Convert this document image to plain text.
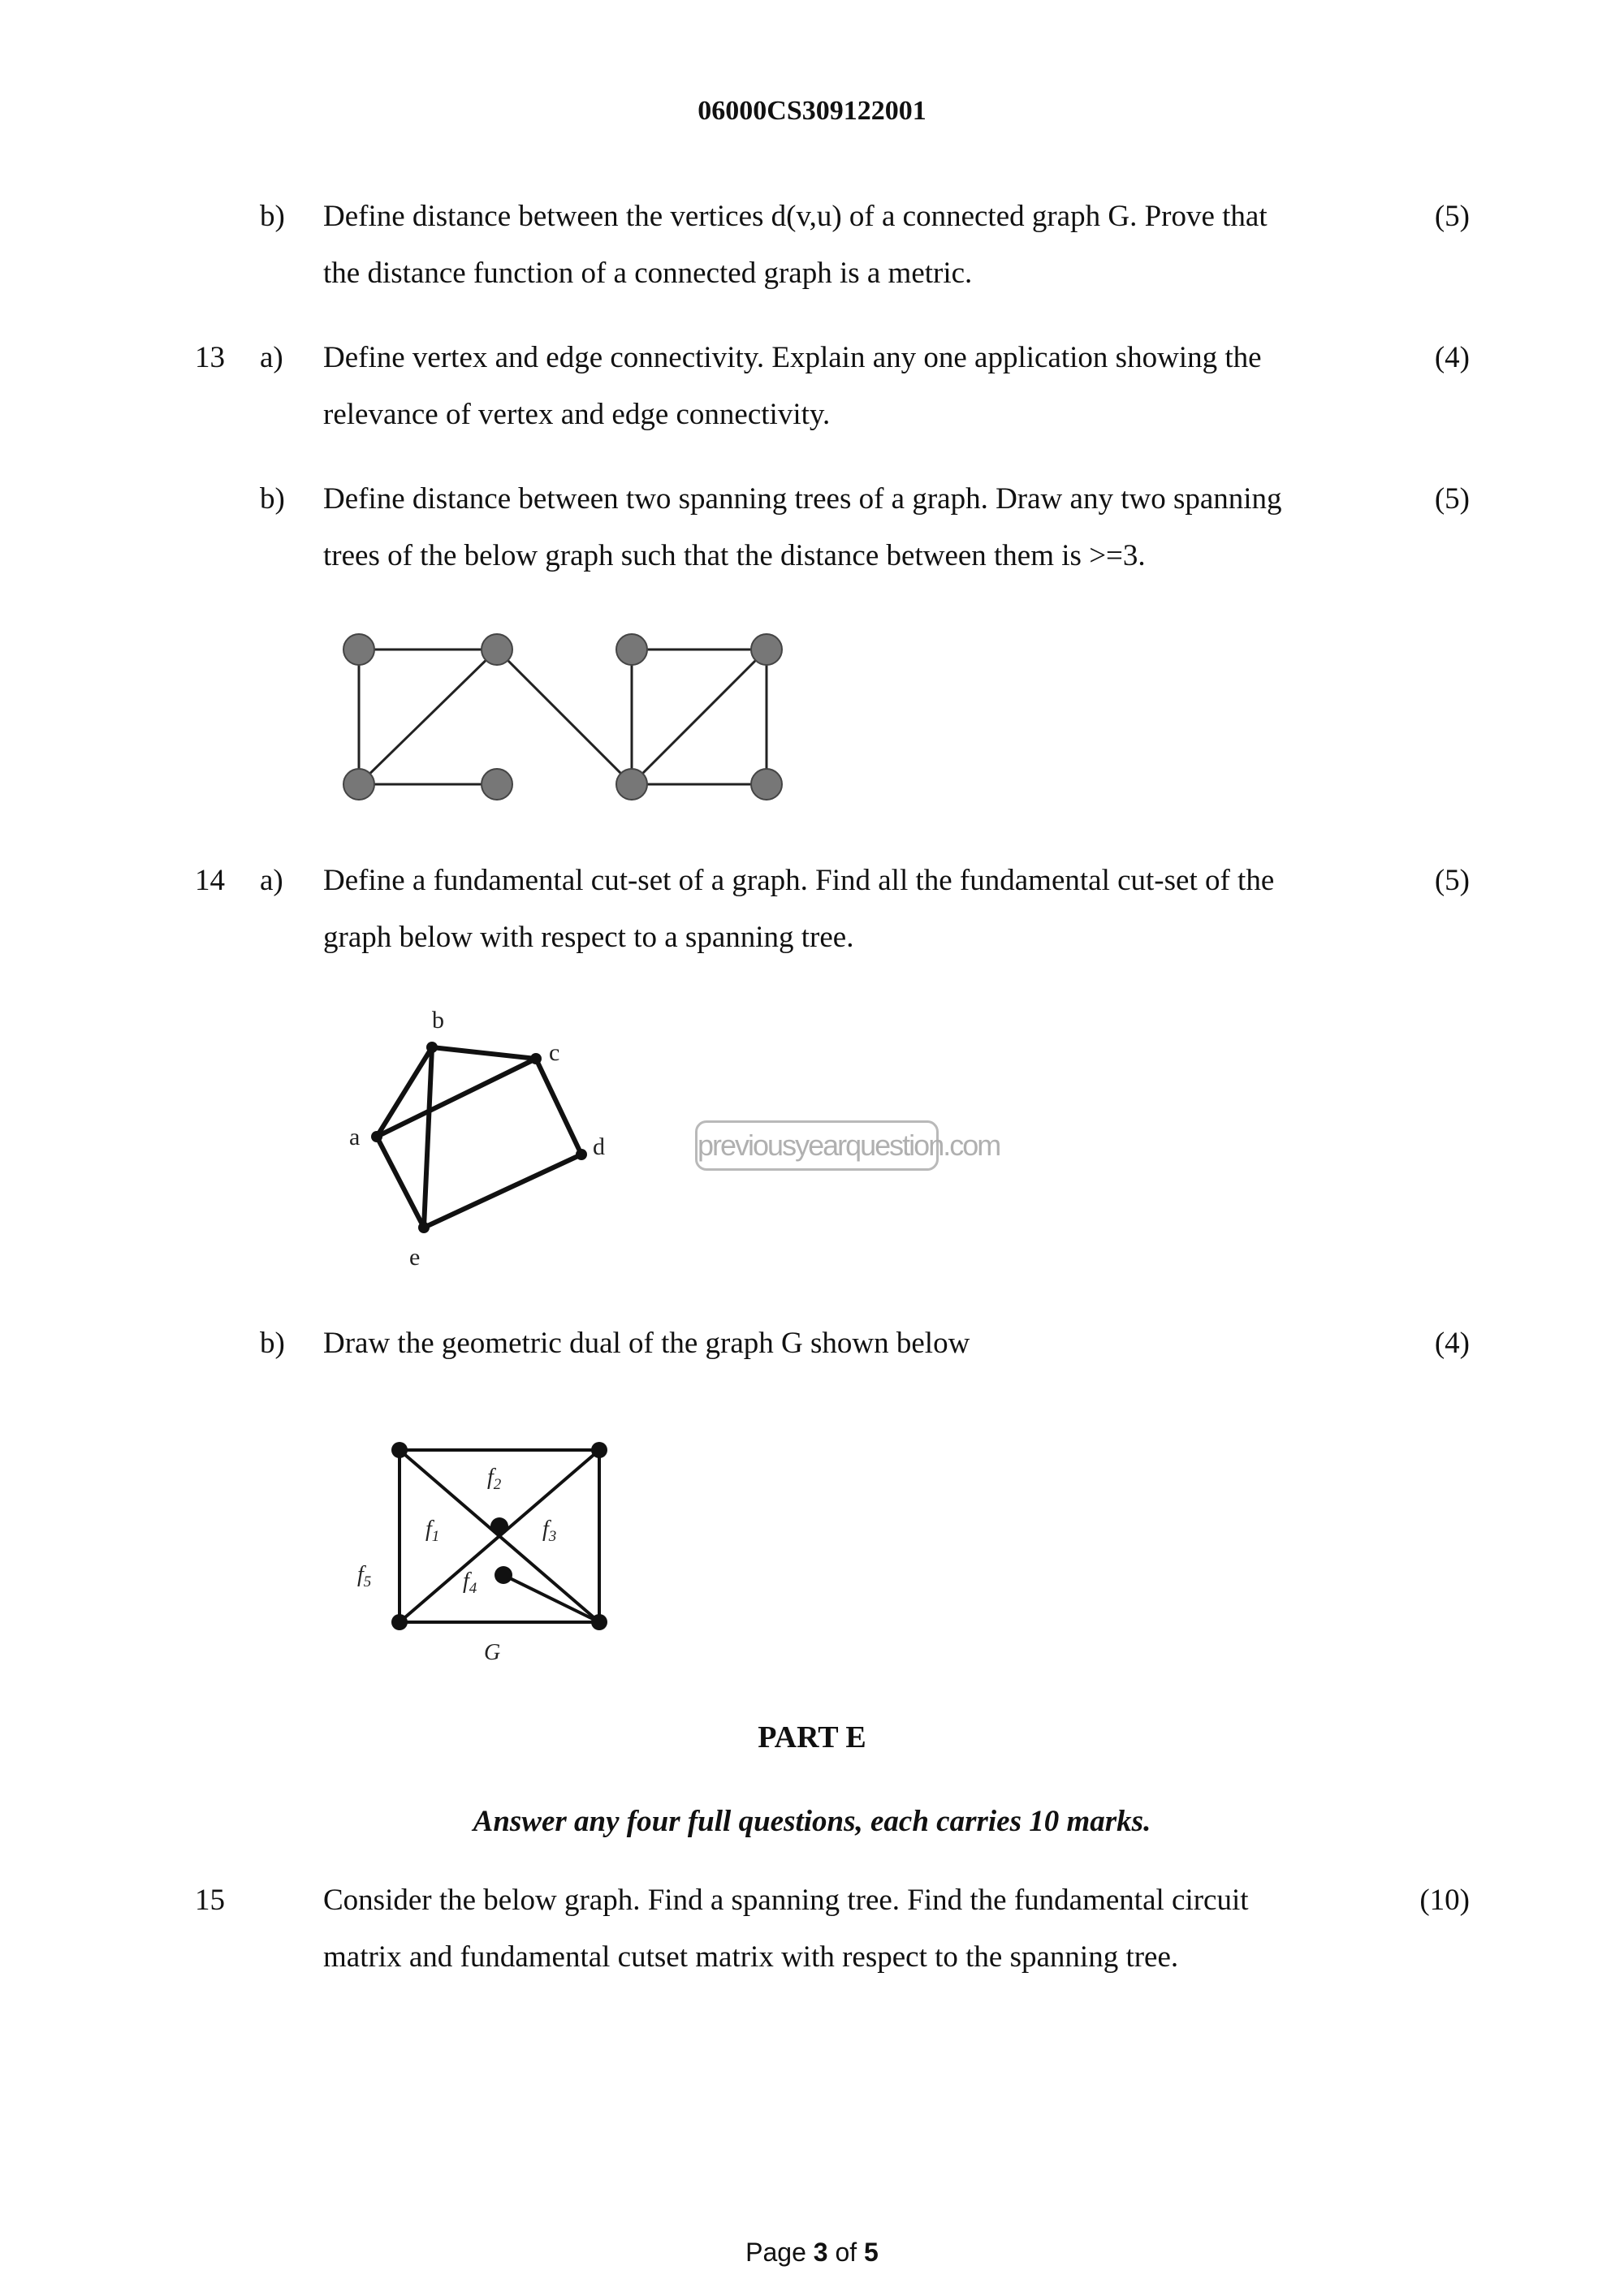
06000CS309122001
b) Define distance between the vertices d(v,u) of a connected graph G. Prove that
the distance function of a connected graph is a metric.
(5)
13 a) Define vertex and edge connectivity. Explain any one application showing the
relevance of vertex and edge connectivity.
(4)
b) Define distance between two spanning trees of a graph. Draw any two spanning
trees of the below graph such that the distance between them is >=3.
(5)
14 a) Define a fundamental cut-set of a graph. Find all the fundamental cut-set of the
graph below with respect to a spanning tree.
(5)
a
b
c
d
e
previousyearquestion.com
b) Draw the geometric dual of the graph G shown below	(4)
$f_1$
$f_2$
$f_3$
$f_4$
$f_5$
G
PART E
Answer any four full questions, each carries 10 marks.
15	Consider the below graph. Find a spanning tree. Find the fundamental circuit
matrix and fundamental cutset matrix with respect to the spanning tree.
(10)
Page 3 of 5
